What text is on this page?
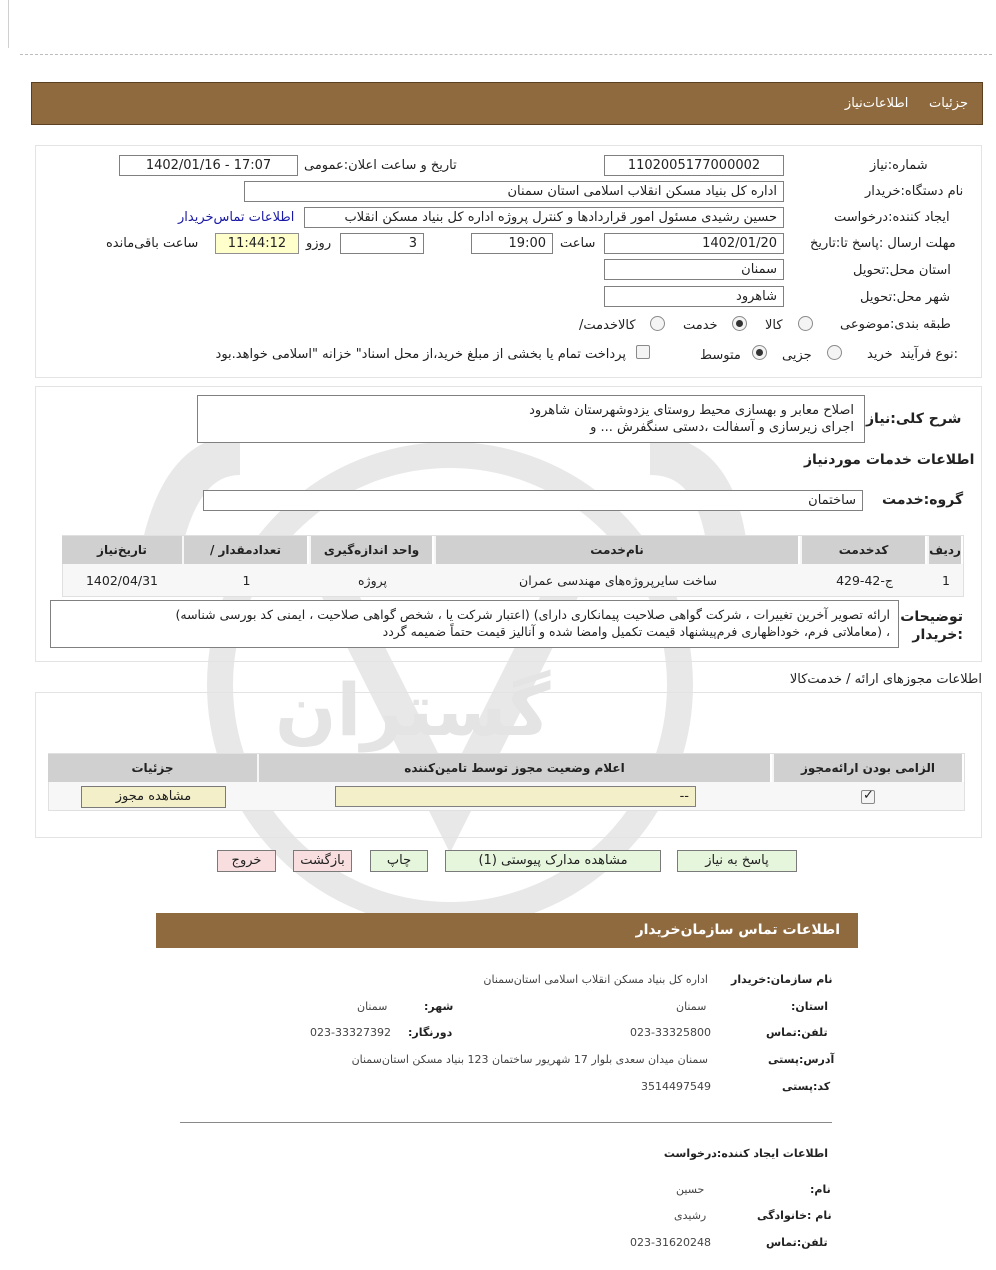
جزئیات     اطلاعات‌نیاز
گستران
شماره:نیاز
1102005177000002
تاریخ و ساعت اعلان:عمومی
1402/01/16 - 17:07
نام دستگاه:خریدار
اداره کل بنیاد مسکن انقلاب اسلامی استان سمنان
ایجاد کننده:درخواست
حسین رشیدی مسئول امور قراردادها و کنترل پروژه اداره کل بنیاد مسکن انقلاب
اطلاعات تماس‌خریدار
مهلت ارسال :پاسخ تا:تاریخ
1402/01/20
ساعت
19:00
3
روزو
11:44:12
ساعت باقی‌مانده
استان محل:تحویل
سمنان
شهر محل:تحویل
شاهرود
طبقه بندی:موضوعی
کالا
خدمت
/کالاخدمت
نوع فرآیند:
خرید
جزیی
متوسط
پرداخت تمام یا بخشی از مبلغ خرید،از محل اسناد" خزانه "اسلامی خواهد.بود
شرح کلی:نیاز
اصلاح معابر و بهسازی محیط روستای یزدوشهرستان شاهرود
اجرای زیرسازی و آسفالت ،دستی سنگفرش ... و
اطلاعات خدمات موردنیاز
گروه:خدمت
ساختمان
ردیف
کدخدمت
نام‌خدمت
واحد اندازه‌گیری
/ تعدادمقدار
تاریخ‌نیاز
1
ج-42-429
ساخت سایرپروژه‌های مهندسی عمران
پروژه
1
1402/04/31
توضیحات :خریدار
ارائه تصویر آخرین تغییرات ، شرکت گواهی صلاحیت پیمانکاری دارای) (اعتبار شرکت یا ، شخص گواهی صلاحیت ، ایمنی کد بورسی شناسه)
، (معاملاتی فرم، خوداظهاری فرم‌پیشنهاد قیمت تکمیل وامضا شده و آنالیز قیمت حتماً ضمیمه گردد
اطلاعات مجوزهای ارائه / خدمت‌کالا
الزامی بودن ارائه‌مجوز
اعلام وضعیت مجوز توسط تامین‌کننده
جزئیات
✓
--
مشاهده مجوز
پاسخ به نیاز
مشاهده مدارک پیوستی (1)
چاپ
بازگشت
خروج
اطلاعات تماس سازمان‌خریدار
نام سازمان:خریدار
اداره کل بنیاد مسکن انقلاب اسلامی استان‌سمنان
:استان
سمنان
:شهر
سمنان
تلفن:تماس
023-33325800
:دورنگار
023-33327392
آدرس:پستی
سمنان میدان سعدی بلوار 17 شهریور ساختمان 123 بنیاد مسکن استان‌سمنان
کد:پستی
3514497549
اطلاعات ایجاد کننده:درخواست
:نام
حسین
نام :خانوادگی
رشیدی
تلفن:تماس
023-31620248
